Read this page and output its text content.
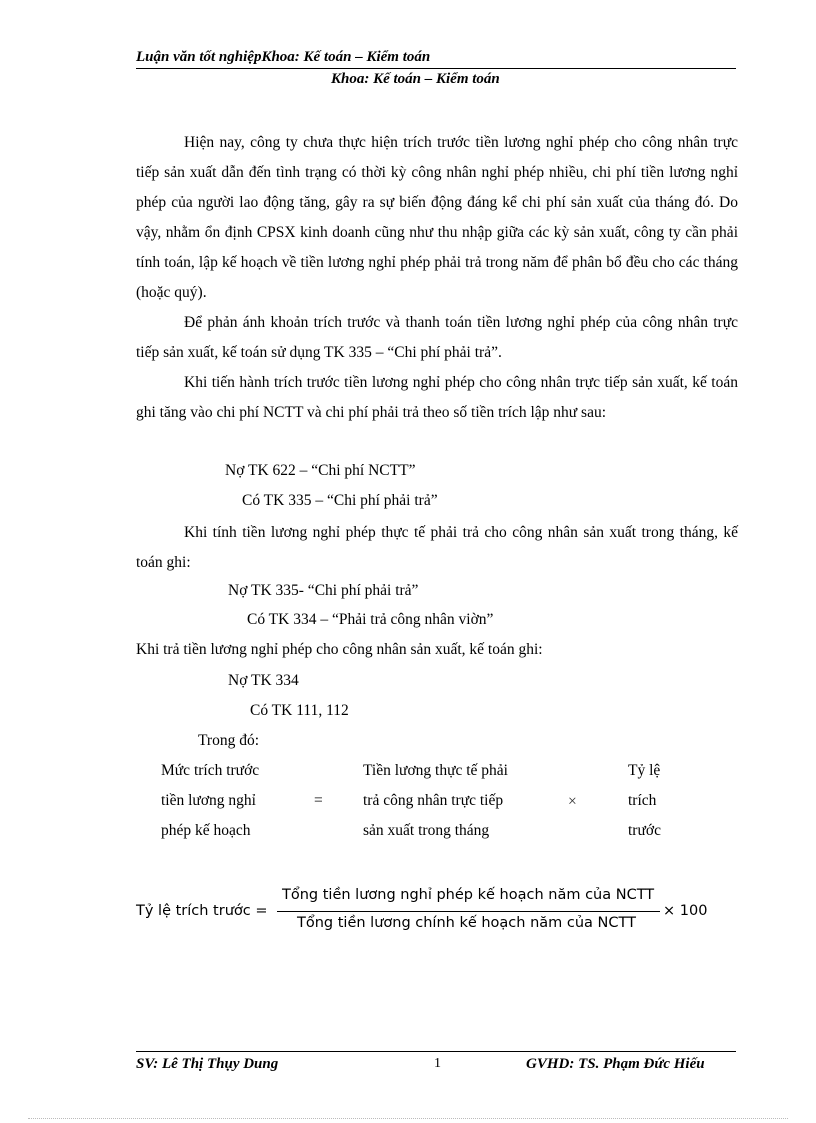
Luận văn tốt nghiệpKhoa: Kế toán – Kiểm toán
Khoa: Kế toán – Kiểm toán
Hiện nay, công ty chưa thực hiện trích trước tiền lương nghỉ phép cho công nhân trực tiếp sản xuất dẫn đến tình trạng có thời kỳ công nhân nghỉ phép nhiều, chi phí tiền lương nghỉ phép của người lao động tăng, gây ra sự biến động đáng kể chi phí sản xuất của tháng đó. Do vậy, nhằm ổn định CPSX kinh doanh cũng như thu nhập giữa các kỳ sản xuất, công ty cần phải tính toán, lập kế hoạch về tiền lương nghỉ phép phải trả trong năm để phân bổ đều cho các tháng (hoặc quý).
Để phản ánh khoản trích trước và thanh toán tiền lương nghỉ phép của công nhân trực tiếp sản xuất, kế toán sử dụng TK 335 – “Chi phí phải trả”.
Khi tiến hành trích trước tiền lương nghỉ phép cho công nhân trực tiếp sản xuất, kế toán ghi tăng vào chi phí NCTT và chi phí phải trả theo số tiền trích lập như sau:
Nợ TK 622 – “Chi phí NCTT”
Có TK 335 – “Chi phí phải trả”
Khi tính tiền lương nghỉ phép thực tế phải trả cho công nhân sản xuất trong tháng, kế toán ghi:
Nợ TK 335- “Chi phí phải trả”
Có TK 334 – “Phải trả công nhân viờn”
Khi trả tiền lương nghỉ phép cho công nhân sản xuất, kế toán ghi:
Nợ TK 334
Có TK 111, 112
Trong đó:
Mức trích trước
tiền lương nghỉ
phép kế hoạch
=
Tiền lương thực tế phải
trả công nhân trực tiếp
sản xuất trong tháng
×
Tỷ lệ
trích
trước
Tỷ lệ trích trước =
Tổng tiền lương nghỉ phép kế hoạch năm của NCTT
Tổng tiền lương chính kế hoạch năm của NCTT
× 100
SV: Lê Thị Thụy Dung	1	GVHD: TS. Phạm Đức Hiếu
